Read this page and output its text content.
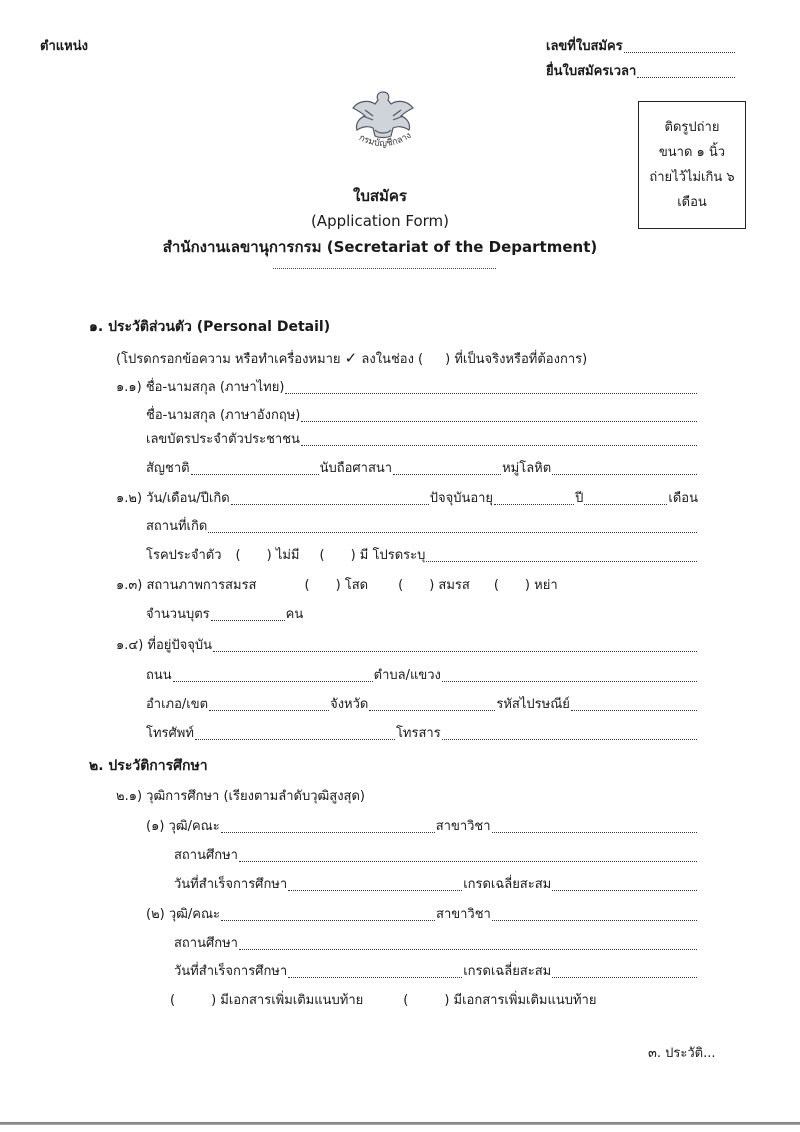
ตำแหน่ง	เลขที่ใบสมัคร
ยื่นใบสมัครเวลา
ติดรูปถ่าย
ขนาด ๑ นิ้ว
ถ่ายไว้ไม่เกิน ๖
เดือน
กรมบัญชีกลาง
ใบสมัคร
(Application Form)
สำนักงานเลขานุการกรม (Secretariat of the Department)
๑. ประวัติส่วนตัว (Personal Detail)
(โปรดกรอกข้อความ หรือทำเครื่องหมาย ✓ ลงในช่อง ( ) ที่เป็นจริงหรือที่ต้องการ)
๑.๑) ชื่อ-นามสกุล (ภาษาไทย)
ชื่อ-นามสกุล (ภาษาอังกฤษ)
เลขบัตรประจำตัวประชาชน
สัญชาติ	นับถือศาสนา	หมู่โลหิต
๑.๒) วัน/เดือน/ปีเกิด	ปัจจุบันอายุ	ปี	เดือน
สถานที่เกิด
โรคประจำตัว ( ) ไม่มี ( ) มี โปรดระบุ
๑.๓) สถานภาพการสมรส	( ) โสด ( ) สมรส ( ) หย่า
จำนวนบุตร	คน
๑.๔) ที่อยู่ปัจจุบัน
ถนน	ตำบล/แขวง
อำเภอ/เขต	จังหวัด	รหัสไปรษณีย์
โทรศัพท์	โทรสาร
๒. ประวัติการศึกษา
๒.๑) วุฒิการศึกษา (เรียงตามลำดับวุฒิสูงสุด)
(๑) วุฒิ/คณะ	สาขาวิชา
สถานศึกษา
วันที่สำเร็จการศึกษา	เกรดเฉลี่ยสะสม
(๒) วุฒิ/คณะ	สาขาวิชา
สถานศึกษา
วันที่สำเร็จการศึกษา	เกรดเฉลี่ยสะสม
(	) มีเอกสารเพิ่มเติมแนบท้าย	(	) มีเอกสารเพิ่มเติมแนบท้าย
๓. ประวัติ...
